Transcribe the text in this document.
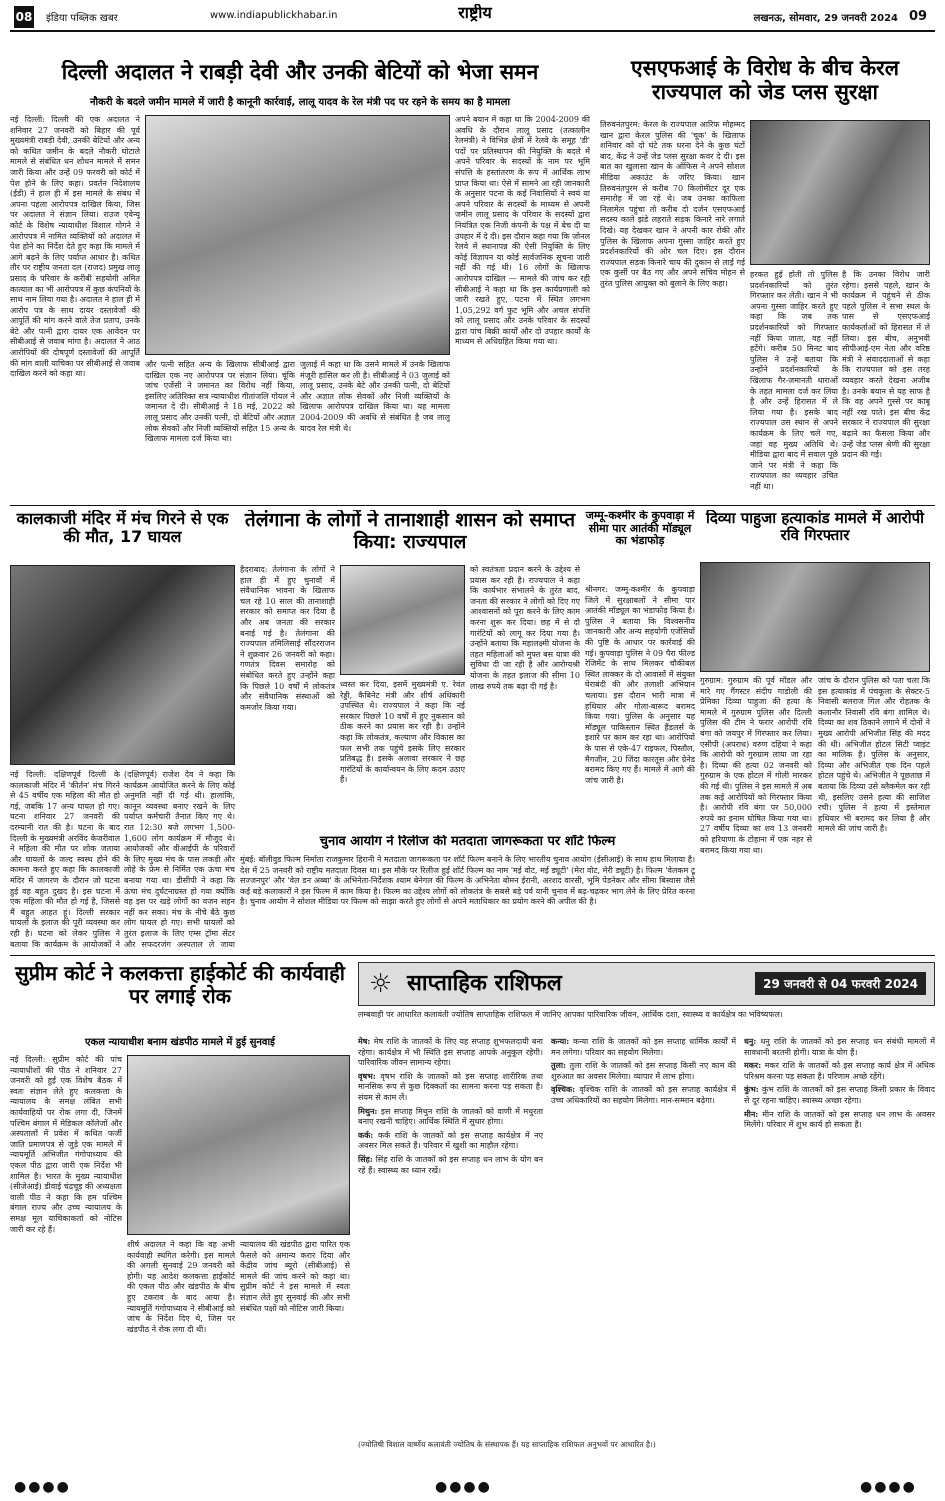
08 इंडिया पब्लिक खबर	www.indiapublickhabar.in	राष्ट्रीय	लखनऊ, सोमवार, 29 जनवरी 2024 09
दिल्ली अदालत ने राबड़ी देवी और उनकी बेटियों को भेजा समन
नौकरी के बदले जमीन मामले में जारी है कानूनी कार्रवाई, लालू यादव के रेल मंत्री पद पर रहने के समय का है मामला
नई दिल्ली: दिल्ली की एक अदालत ने शनिवार 27 जनवरी को बिहार की पूर्व मुख्यमंत्री राबड़ी देवी, उनकी बेटियों और अन्य को कथित जमीन के बदले नौकरी घोटाले मामले से संबंधित धन शोधन मामले में समन जारी किया और उन्हें 09 फरवरी को कोर्ट में पेश होने के लिए कहा। प्रवर्तन निदेशालय (ईडी) ने हाल ही में इस मामले के संबंध में अपना पहला आरोपपत्र दाखिल किया, जिस पर अदालत ने संज्ञान लिया। राउज एवेन्यू कोर्ट के विशेष न्यायाधीश विशाल गोगने ने आरोपपत्र में नामित व्यक्तियों को अदालत में पेश होने का निर्देश देते हुए कहा कि मामले में आगे बढ़ने के लिए पर्याप्त आधार है। कथित तौर पर राष्ट्रीय जनता दल (राजद) प्रमुख लालू प्रसाद के परिवार के करीबी सहयोगी अमित कात्याल का भी आरोपपत्र में कुछ कंपनियों के साथ नाम लिया गया है। अदालत ने हाल ही में आरोप पत्र के साथ दायर दस्तावेजों की आपूर्ति की मांग करने वाले तेज प्रताप, उनके बेटे और पत्नी द्वारा दायर एक आवेदन पर सीबीआई से जवाब मांगा है। अदालत ने आठ आरोपियों की दोषपूर्ण दस्तावेजों की आपूर्ति की मांग वाली याचिका पर सीबीआई से जवाब दाखिल करने को कहा था।
और पत्नी सहित अन्य के खिलाफ सीबीआई द्वारा दाखिल एक नए आरोपपत्र पर संज्ञान लिया। चूंकि जांच एजेंसी ने जमानत का विरोध नहीं किया, इसलिए अतिरिक्त सत्र न्यायाधीश गीतांजलि गोयल ने जमानत दे दी। सीबीआई ने 18 मई, 2022 को लालू प्रसाद और उनकी पत्नी, दो बेटियों और अज्ञात लोक सेवकों और निजी व्यक्तियों सहित 15 अन्य के खिलाफ मामला दर्ज किया था।
जुलाई में कहा था कि उसने मामले में उनके खिलाफ मंजूरी हासिल कर ली है। सीबीआई ने 03 जुलाई को लालू प्रसाद, उनके बेटे और उनकी पत्नी, दो बेटियों और अज्ञात लोक सेवकों और निजी व्यक्तियों के खिलाफ आरोपपत्र दाखिल किया था। यह मामला 2004-2009 की अवधि से संबंधित है जब लालू यादव रेल मंत्री थे।
अपने बयान में कहा था कि 2004-2009 की अवधि के दौरान लालू प्रसाद (तत्कालीन रेलमंत्री) ने विभिन्न क्षेत्रों में रेलवे के समूह 'डी' पदों पर प्रतिस्थापन की नियुक्ति के बदले में अपने परिवार के सदस्यों के नाम पर भूमि संपत्ति के हस्तांतरण के रूप में आर्थिक लाभ प्राप्त किया था। ऐसे में सामने आ रही जानकारी के अनुसार पटना के कई निवासियों ने स्वयं या अपने परिवार के सदस्यों के माध्यम से अपनी जमीन लालू प्रसाद के परिवार के सदस्यों द्वारा नियंत्रित एक निजी कंपनी के पक्ष में बेच दी या उपहार में दे दी। इस दौरान कहा गया कि जोनल रेलवे में स्थानापन्न की ऐसी नियुक्ति के लिए कोई विज्ञापन या कोई सार्वजनिक सूचना जारी नहीं की गई थी। 16 लोगों के खिलाफ आरोपपत्र दाखिल — मामले की जांच कर रही सीबीआई ने कहा था कि इस कार्यप्रणाली को जारी रखते हुए, पटना में स्थित लगभग 1,05,292 वर्ग फुट भूमि और अचल संपत्ति को लालू प्रसाद और उनके परिवार के सदस्यों द्वारा पांच बिक्री कार्यों और दो उपहार कार्यों के माध्यम से अधिग्रहित किया गया था।
एसएफआई के विरोध के बीच केरल राज्यपाल को जेड प्लस सुरक्षा
तिरुवनंतपुरम: केरल के राज्यपाल आरिफ मोहम्मद खान द्वारा केरल पुलिस की 'चूक' के खिलाफ शनिवार को दो घंटे तक धरना देने के कुछ घंटों बाद, केंद्र ने उन्हें जेड प्लस सुरक्षा कवर दे दी। इस बात का खुलासा खान के ऑफिस ने अपने सोशल मीडिया अकाउंट के जरिए किया। खान तिरुवनंतपुरम से करीब 70 किलोमीटर दूर एक समारोह में जा रहे थे। जब उनका काफिला निलामेल पहुंचा तो करीब दो दर्जन एसएफआई सदस्य काले झंडे लहराते सड़क किनारे नारे लगाते दिखे। यह देखकर खान ने अपनी कार रोकी और पुलिस के खिलाफ अपना गुस्सा जाहिर करते हुए प्रदर्शनकारियों की ओर चल दिए। इस दौरान राज्यपाल सड़क किनारे चाय की दुकान से लाई गई एक कुर्सी पर बैठ गए और अपने सचिव मोहन से तुरंत पुलिस आयुक्त को बुलाने के लिए कहा।
हरकत हुई होती तो पुलिस प्रदर्शनकारियों को तुरंत गिरफ्तार कर लेती। खान ने भी अपना गुस्सा जाहिर करते हुए कहा कि जब तक प्रदर्शनकारियों को गिरफ्तार नहीं किया जाता, वह नहीं हटेंगे। करीब 50 मिनट बाद पुलिस ने उन्हें बताया कि उन्होंने प्रदर्शनकारियों के खिलाफ गैर-जमानती धाराओं के तहत मामला दर्ज कर लिया है और उन्हें हिरासत में ले लिया गया है। इसके बाद राज्यपाल उस स्थान से अपने कार्यक्रम के लिए चले गए, जहां वह मुख्य अतिथि थे। मीडिया द्वारा बाद में सवाल पूछे जाने पर मंत्री ने कहा कि राज्यपाल का व्यवहार उचित नहीं था।
है कि उनका विरोध जारी रहेगा। इससे पहले, खान के कार्यक्रम में पहुंचने से ठीक पहले पुलिस ने सभा स्थल के पास से एसएफआई कार्यकर्ताओं को हिरासत में ले लिया। इस बीच, अनुभवी सीपीआई-एम नेता और वरिष्ठ मंत्री ने संवाददाताओं से कहा कि राज्यपाल को इस तरह व्यवहार करते देखना अजीब है। उनके बयान से यह साफ है कि वह अपने गुस्से पर काबू नहीं रख पाते। इस बीच केंद्र सरकार ने राज्यपाल की सुरक्षा बढ़ाने का फैसला किया और उन्हें जेड प्लस श्रेणी की सुरक्षा प्रदान की गई।
कालकाजी मंदिर में मंच गिरने से एक की मौत, 17 घायल
नई दिल्ली: दक्षिणपूर्व दिल्ली के कालकाजी मंदिर में 'कीर्तन' मंच गिरने से 45 वर्षीय एक महिला की मौत हो गई, जबकि 17 अन्य घायल हो गए। घटना शनिवार 27 जनवरी की दरम्यानी रात की है। घटना के बाद दिल्ली के मुख्यमंत्री अरविंद केजरीवाल ने महिला की मौत पर शोक जताया और घायलों के जल्द स्वस्थ होने की कामना करते हुए कहा कि कालकाजी मंदिर में जागरण के दौरान जो घटना हुई वह बहुत दुखद है। इस घटना में एक महिला की मौत हो गई है, जिससे मैं बहुत आहत हूं। दिल्ली सरकार घायलों के इलाज की पूरी व्यवस्था कर रही है। घटना को लेकर पुलिस ने बताया कि कार्यक्रम के आयोजकों ने
(दक्षिणपूर्व) राजेश देव ने कहा कि कार्यक्रम आयोजित करने के लिए कोई अनुमति नहीं दी गई थी। हालांकि, कानून व्यवस्था बनाए रखने के लिए पर्याप्त कर्मचारी तैनात किए गए थे। रात 12:30 बजे लगभग 1,500-1,600 लोग कार्यक्रम में मौजूद थे। आयोजकों और वीआईपी के परिवारों के लिए मुख्य मंच के पास लकड़ी और लोहे के फ्रेम से निर्मित एक ऊंचा मंच बनाया गया था। डीसीपी ने कहा कि ऊंचा मंच दुर्घटनाग्रस्त हो गया क्योंकि वह इस पर खड़े लोगों का वजन सहन नहीं कर सका। मंच के नीचे बैठे कुछ लोग घायल हो गए। सभी घायलों को तुरंत इलाज के लिए एम्स ट्रॉमा सेंटर और सफदरजंग अस्पताल ले जाया
तेलंगाना के लोगों ने तानाशाही शासन को समाप्त किया: राज्यपाल
हैदराबाद: तेलंगाना के लोगों ने हाल ही में हुए चुनावों में संवैधानिक भावना के खिलाफ चल रहे 10 साल की तानाशाही सरकार को समाप्त कर दिया है और अब जनता की सरकार बनाई गई है। तेलंगाना की राज्यपाल तमिलिसाई सौंदरराजन ने शुक्रवार 26 जनवरी को कहा। गणतंत्र दिवस समारोह को संबोधित करते हुए उन्होंने कहा कि पिछले 10 वर्षों में लोकतंत्र और संवैधानिक संस्थाओं को कमजोर किया गया।
ध्वस्त कर दिया, इसमें मुख्यमंत्री ए. रेवंत रेड्डी, कैबिनेट मंत्री और शीर्ष अधिकारी उपस्थित थे। राज्यपाल ने कहा कि नई सरकार पिछले 10 वर्षों में हुए नुकसान को ठीक करने का प्रयास कर रही है। उन्होंने कहा कि लोकतंत्र, कल्याण और विकास का फल सभी तक पहुंचे इसके लिए सरकार प्रतिबद्ध है। इसके अलावा सरकार ने छह गारंटियों के कार्यान्वयन के लिए कदम उठाए हैं।
को स्वतंत्रता प्रदान करने के उद्देश्य से प्रयास कर रही है। राज्यपाल ने कहा कि कार्यभार संभालने के तुरंत बाद, जनता की सरकार ने लोगों को दिए गए आश्वासनों को पूरा करने के लिए काम करना शुरू कर दिया। छह में से दो गारंटियों को लागू कर दिया गया है। उन्होंने बताया कि महालक्ष्मी योजना के तहत महिलाओं को मुफ्त बस यात्रा की सुविधा दी जा रही है और आरोग्यश्री योजना के तहत इलाज की सीमा 10 लाख रुपये तक बढ़ा दी गई है।
जम्मू-कश्मीर के कुपवाड़ा में सीमा पार आतंकी मॉड्यूल का भंडाफोड़
श्रीनगर: जम्मू-कश्मीर के कुपवाड़ा जिले में सुरक्षाबलों ने सीमा पार आतंकी मॉड्यूल का भंडाफोड़ किया है। पुलिस ने बताया कि विश्वसनीय जानकारी और अन्य सहयोगी एजेंसियों की पुष्टि के आधार पर कार्रवाई की गई। कुपवाड़ा पुलिस ने 09 पैरा फील्ड रेजिमेंट के साथ मिलकर चौकीबल स्थित लाक्कर के दो आवासों में संयुक्त घेराबंदी की और तलाशी अभियान चलाया। इस दौरान भारी मात्रा में हथियार और गोला-बारूद बरामद किया गया। पुलिस के अनुसार यह मॉड्यूल पाकिस्तान स्थित हैंडलर्स के इशारे पर काम कर रहा था। आरोपियों के पास से एके-47 राइफल, पिस्तौल, मैगजीन, 20 जिंदा कारतूस और ग्रेनेड बरामद किए गए हैं। मामले में आगे की जांच जारी है।
दिव्या पाहुजा हत्याकांड मामले में आरोपी रवि गिरफ्तार
गुरुग्राम: गुरुग्राम की पूर्व मॉडल और मारे गए गैंगस्टर संदीप गाडोली की प्रेमिका दिव्या पाहुजा की हत्या के मामले में गुरुग्राम पुलिस और दिल्ली पुलिस की टीम ने फरार आरोपी रवि बंगा को जयपुर में गिरफ्तार कर लिया। एसीपी (अपराध) वरुण दहिया ने कहा कि आरोपी को गुरुग्राम लाया जा रहा है। दिव्या की हत्या 02 जनवरी को गुरुग्राम के एक होटल में गोली मारकर की गई थी। पुलिस ने इस मामले में अब तक कई आरोपियों को गिरफ्तार किया है। आरोपी रवि बंगा पर 50,000 रुपये का इनाम घोषित किया गया था। 27 वर्षीय दिव्या का शव 13 जनवरी को हरियाणा के टोहाना में एक नहर से बरामद किया गया था।
जांच के दौरान पुलिस को पता चला कि इस हत्याकांड में पंचकूला के सेक्टर-5 निवासी बलराज गिल और रोहतक के कलानौर निवासी रवि बंगा शामिल थे। दिव्या का शव ठिकाने लगाने में दोनों ने मुख्य आरोपी अभिजीत सिंह की मदद की थी। अभिजीत होटल सिटी प्वाइंट का मालिक है। पुलिस के अनुसार, दिव्या और अभिजीत एक दिन पहले होटल पहुंचे थे। अभिजीत ने पूछताछ में बताया कि दिव्या उसे ब्लैकमेल कर रही थी, इसलिए उसने हत्या की साजिश रची। पुलिस ने हत्या में इस्तेमाल हथियार भी बरामद कर लिया है और मामले की जांच जारी है।
चुनाव आयोग ने रिलीज की मतदाता जागरूकता पर शॉर्ट फिल्म
मुंबई: बॉलीवुड फिल्म निर्माता राजकुमार हिरानी ने मतदाता जागरूकता पर शॉर्ट फिल्म बनाने के लिए भारतीय चुनाव आयोग (ईसीआई) के साथ हाथ मिलाया है। देश में 25 जनवरी को राष्ट्रीय मतदाता दिवस था। इस मौके पर रिलीज हुई शॉर्ट फिल्म का नाम 'मई वोट, मई ड्यूटी' (मेरा वोट, मेरी ड्यूटी) है। फिल्म 'वेलकम टू सज्जनपुर' और 'वेल डन अब्बा' के अभिनेता-निर्देशक श्याम बेनेगल की फिल्म के अभिनेता बोमन ईरानी, अरशद वारसी, भूमि पेडनेकर और सीमा बिस्वास जैसे कई बड़े कलाकारों ने इस फिल्म में काम किया है। फिल्म का उद्देश्य लोगों को लोकतंत्र के सबसे बड़े पर्व यानी चुनाव में बढ़-चढ़कर भाग लेने के लिए प्रेरित करना है। चुनाव आयोग ने सोशल मीडिया पर फिल्म को साझा करते हुए लोगों से अपने मताधिकार का प्रयोग करने की अपील की है।
सुप्रीम कोर्ट ने कलकत्ता हाईकोर्ट की कार्यवाही पर लगाई रोक
एकल न्यायाधीश बनाम खंडपीठ मामले में हुई सुनवाई
नई दिल्ली: सुप्रीम कोर्ट की पांच न्यायाधीशों की पीठ ने शनिवार 27 जनवरी को हुई एक विशेष बैठक में स्वतः संज्ञान लेते हुए कलकत्ता के न्यायालय के समक्ष लंबित सभी कार्यवाहियों पर रोक लगा दी, जिनमें पश्चिम बंगाल में मेडिकल कॉलेजों और अस्पतालों में प्रवेश में कथित फर्जी जाति प्रमाणपत्र से जुड़े एक मामले में न्यायमूर्ति अभिजीत गंगोपाध्याय की एकल पीठ द्वारा जारी एक निर्देश भी शामिल है। भारत के मुख्य न्यायाधीश (सीजेआई) डीवाई चंद्रचूड़ की अध्यक्षता वाली पीठ ने कहा कि हम पश्चिम बंगाल राज्य और उच्च न्यायालय के समक्ष मूल याचिकाकर्ता को नोटिस जारी कर रहे हैं।
शीर्ष अदालत ने कहा कि वह अभी कार्यवाही स्थगित करेगी। इस मामले की अगली सुनवाई 29 जनवरी को होगी। यह आदेश कलकत्ता हाईकोर्ट की एकल पीठ और खंडपीठ के बीच हुए टकराव के बाद आया है। न्यायमूर्ति गंगोपाध्याय ने सीबीआई को जांच के निर्देश दिए थे, जिस पर खंडपीठ ने रोक लगा दी थी।
न्यायालय की खंडपीठ द्वारा पारित एक फैसले को अमान्य करार दिया और केंद्रीय जांच ब्यूरो (सीबीआई) से मामले की जांच करने को कहा था। सुप्रीम कोर्ट ने इस मामले में स्वतः संज्ञान लेते हुए सुनवाई की और सभी संबंधित पक्षों को नोटिस जारी किया।
☼ साप्ताहिक राशिफल	29 जनवरी से 04 फरवरी 2024
लम्बवाही पर आधारित कलावंती ज्योतिष साप्ताहिक राशिफल में जानिए आपका पारिवारिक जीवन, आर्थिक दशा, स्वास्थ्य व कार्यक्षेत्र का भविष्यफल।

मेष: मेष राशि के जातकों के लिए यह सप्ताह शुभफलदायी बना रहेगा। कार्यक्षेत्र में भी स्थिति इस सप्ताह आपके अनुकूल रहेगी। पारिवारिक जीवन सामान्य रहेगा।

वृषभ: वृषभ राशि के जातकों को इस सप्ताह शारीरिक तथा मानसिक रूप से कुछ दिक्कतों का सामना करना पड़ सकता है। संयम से काम लें।

मिथुन: इस सप्ताह मिथुन राशि के जातकों को वाणी में मधुरता बनाए रखनी चाहिए। आर्थिक स्थिति में सुधार होगा।

कर्क: कर्क राशि के जातकों को इस सप्ताह कार्यक्षेत्र में नए अवसर मिल सकते हैं। परिवार में खुशी का माहौल रहेगा।

सिंह: सिंह राशि के जातकों को इस सप्ताह धन लाभ के योग बन रहे हैं। स्वास्थ्य का ध्यान रखें।

कन्या: कन्या राशि के जातकों को इस सप्ताह धार्मिक कार्यों में मन लगेगा। परिवार का सहयोग मिलेगा।

तुला: तुला राशि के जातकों को इस सप्ताह किसी नए काम की शुरुआत का अवसर मिलेगा। व्यापार में लाभ होगा।

वृश्चिक: वृश्चिक राशि के जातकों को इस सप्ताह कार्यक्षेत्र में उच्च अधिकारियों का सहयोग मिलेगा। मान-सम्मान बढ़ेगा।

धनु: धनु राशि के जातकों को इस सप्ताह धन संबंधी मामलों में सावधानी बरतनी होगी। यात्रा के योग हैं।

मकर: मकर राशि के जातकों को इस सप्ताह कार्य क्षेत्र में अधिक परिश्रम करना पड़ सकता है। परिणाम अच्छे रहेंगे।

कुंभ: कुंभ राशि के जातकों को इस सप्ताह किसी प्रकार के विवाद से दूर रहना चाहिए। स्वास्थ्य अच्छा रहेगा।

मीन: मीन राशि के जातकों को इस सप्ताह धन लाभ के अवसर मिलेंगे। परिवार में शुभ कार्य हो सकता है।

(ज्योतिषी विशाल वार्ष्णेय कलावंती ज्योतिष के संस्थापक हैं। यह साप्ताहिक राशिफल अनुभवों पर आधारित है।)
●●●●	●●●●	●●●●
